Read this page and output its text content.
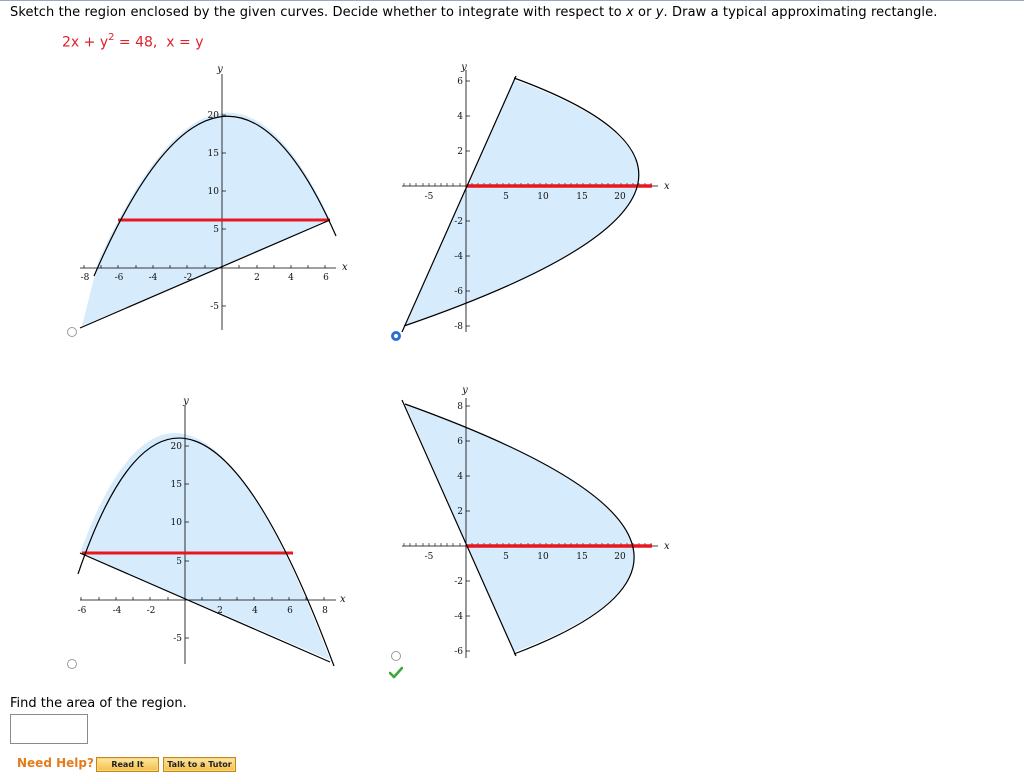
Sketch the region enclosed by the given curves. Decide whether to integrate with respect to x or y. Draw a typical approximating rectangle.
$2x + y^2 = 48$, x = y
-8	-6	-4	-2	2	4	6
20
15
10
5
-5
y
x
-5	5	10	15	20
6
4
2
-2
-4
-6
-8
y
x
-6	-4	-2	2	4	6	8
20
15
10
5
-5
y
x
-5	5	10	15	20
8
6
4
2
-2
-4
-6
y
x
Find the area of the region.
Need Help?	Read It	Talk to a Tutor
